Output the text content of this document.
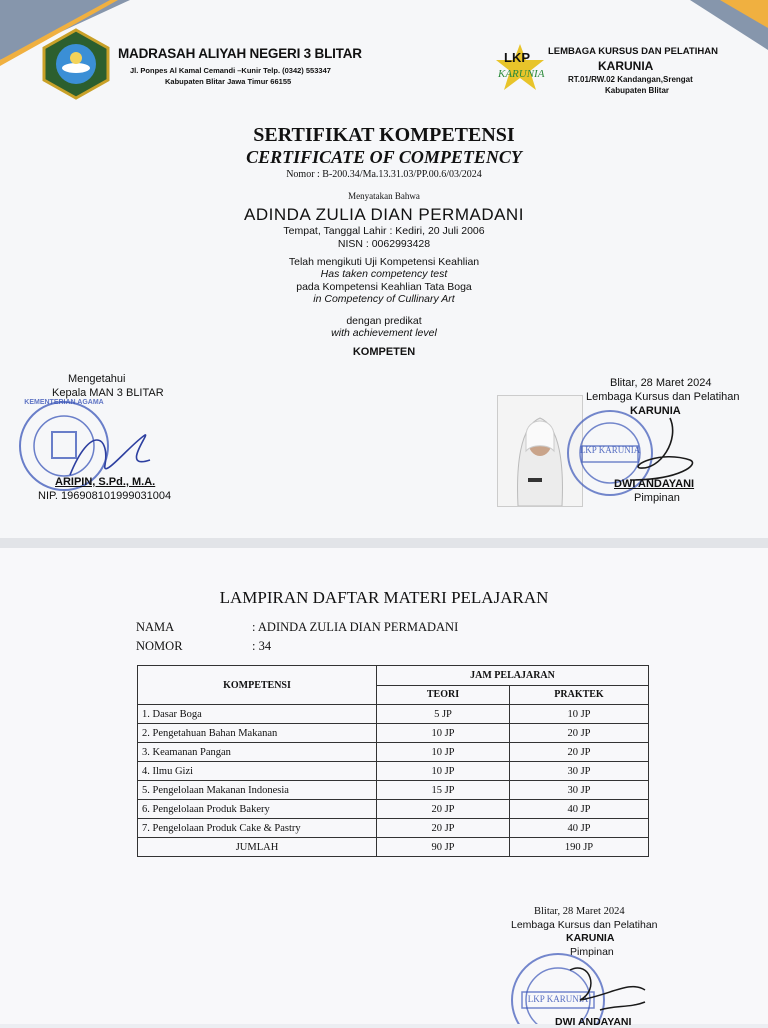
MADRASAH ALIYAH NEGERI 3 BLITAR
Jl. Ponpes Al Kamal Cemandi –Kunir Telp. (0342) 553347
Kabupaten Blitar Jawa Timur 66155
LKP
KARUNIA
LEMBAGA KURSUS DAN PELATIHAN
KARUNIA
RT.01/RW.02 Kandangan,Srengat
Kabupaten Blitar
SERTIFIKAT KOMPETENSI
CERTIFICATE OF COMPETENCY
Nomor : B-200.34/Ma.13.31.03/PP.00.6/03/2024
Menyatakan Bahwa
ADINDA ZULIA DIAN PERMADANI
Tempat, Tanggal Lahir : Kediri, 20 Juli 2006
NISN : 0062993428
Telah mengikuti Uji Kompetensi Keahlian
Has taken competency test
pada Kompetensi Keahlian Tata Boga
in Competency of Cullinary Art
dengan predikat
with achievement level
KOMPETEN
Mengetahui
Kepala MAN 3 BLITAR
KEMENTERIAN AGAMA
ARIPIN, S.Pd., M.A.
NIP. 196908101999031004
Blitar, 28 Maret 2024
Lembaga Kursus dan Pelatihan
KARUNIA
LKP KARUNIA
DWI ANDAYANI
Pimpinan
LAMPIRAN DAFTAR MATERI PELAJARAN
NAMA	: ADINDA ZULIA DIAN PERMADANI
NOMOR	: 34
KOMPETENSI	JAM PELAJARAN	
	TEORI	PRAKTEK
1. Dasar Boga	5 JP	10 JP
2. Pengetahuan Bahan Makanan	10 JP	20 JP
3. Keamanan Pangan	10 JP	20 JP
4. Ilmu Gizi	10 JP	30 JP
5. Pengelolaan Makanan Indonesia	15 JP	30 JP
6. Pengelolaan Produk Bakery	20 JP	40 JP
7. Pengelolaan Produk Cake & Pastry	20 JP	40 JP
JUMLAH	90 JP	190 JP
Blitar, 28 Maret 2024
Lembaga Kursus dan Pelatihan
KARUNIA
Pimpinan
LKP KARUNIA
DWI ANDAYANI
